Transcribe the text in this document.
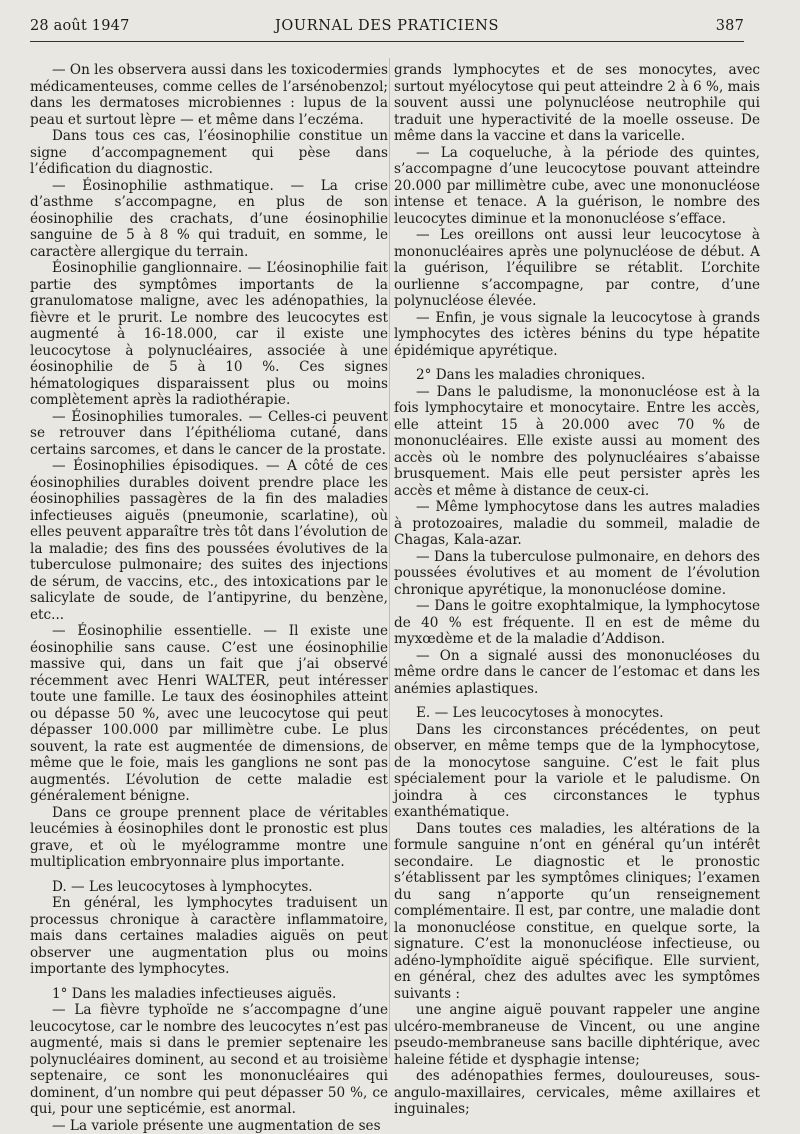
28 août 1947	JOURNAL DES PRATICIENS	387

— On les observera aussi dans les toxicodermies médicamenteuses, comme celles de l’arsénobenzol; dans les dermatoses microbiennes : lupus de la peau et surtout lèpre — et même dans l’eczéma.

Dans tous ces cas, l’éosinophilie constitue un signe d’accompagnement qui pèse dans l’édification du diagnostic.

— Éosinophilie asthmatique. — La crise d’asthme s’accompagne, en plus de son éosinophilie des crachats, d’une éosinophilie sanguine de 5 à 8 % qui traduit, en somme, le caractère allergique du terrain.

Éosinophilie ganglionnaire. — L’éosinophilie fait partie des symptômes importants de la granulomatose maligne, avec les adénopathies, la fièvre et le prurit. Le nombre des leucocytes est augmenté à 16-18.000, car il existe une leucocytose à polynucléaires, associée à une éosinophilie de 5 à 10 %. Ces signes hématologiques disparaissent plus ou moins complètement après la radiothérapie.

— Éosinophilies tumorales. — Celles-ci peuvent se retrouver dans l’épithélioma cutané, dans certains sarcomes, et dans le cancer de la prostate.

— Éosinophilies épisodiques. — A côté de ces éosinophilies durables doivent prendre place les éosinophilies passagères de la fin des maladies infectieuses aiguës (pneumonie, scarlatine), où elles peuvent apparaître très tôt dans l’évolution de la maladie; des fins des poussées évolutives de la tuberculose pulmonaire; des suites des injections de sérum, de vaccins, etc., des intoxications par le salicylate de soude, de l’antipyrine, du benzène, etc...

— Éosinophilie essentielle. — Il existe une éosinophilie sans cause. C’est une éosinophilie massive qui, dans un fait que j’ai observé récemment avec Henri WALTER, peut intéresser toute une famille. Le taux des éosinophiles atteint ou dépasse 50 %, avec une leucocytose qui peut dépasser 100.000 par millimètre cube. Le plus souvent, la rate est augmentée de dimensions, de même que le foie, mais les ganglions ne sont pas augmentés. L’évolution de cette maladie est généralement bénigne.

Dans ce groupe prennent place de véritables leucémies à éosinophiles dont le pronostic est plus grave, et où le myélogramme montre une multiplication embryonnaire plus importante.

D. — Les leucocytoses à lymphocytes.

En général, les lymphocytes traduisent un processus chronique à caractère inflammatoire, mais dans certaines maladies aiguës on peut observer une augmentation plus ou moins importante des lymphocytes.

1° Dans les maladies infectieuses aiguës.

— La fièvre typhoïde ne s’accompagne d’une leucocytose, car le nombre des leucocytes n’est pas augmenté, mais si dans le premier septenaire les polynucléaires dominent, au second et au troisième septenaire, ce sont les mononucléaires qui dominent, d’un nombre qui peut dépasser 50 %, ce qui, pour une septicémie, est anormal.

— La variole présente une augmentation de ses

grands lymphocytes et de ses monocytes, avec surtout myélocytose qui peut atteindre 2 à 6 %, mais souvent aussi une polynucléose neutrophile qui traduit une hyperactivité de la moelle osseuse. De même dans la vaccine et dans la varicelle.

— La coqueluche, à la période des quintes, s’accompagne d’une leucocytose pouvant atteindre 20.000 par millimètre cube, avec une mononucléose intense et tenace. A la guérison, le nombre des leucocytes diminue et la mononucléose s’efface.

— Les oreillons ont aussi leur leucocytose à mononucléaires après une polynucléose de début. A la guérison, l’équilibre se rétablit. L’orchite ourlienne s’accompagne, par contre, d’une polynucléose élevée.

— Enfin, je vous signale la leucocytose à grands lymphocytes des ictères bénins du type hépatite épidémique apyrétique.

2° Dans les maladies chroniques.

— Dans le paludisme, la mononucléose est à la fois lymphocytaire et monocytaire. Entre les accès, elle atteint 15 à 20.000 avec 70 % de mononucléaires. Elle existe aussi au moment des accès où le nombre des polynucléaires s’abaisse brusquement. Mais elle peut persister après les accès et même à distance de ceux-ci.

— Même lymphocytose dans les autres maladies à protozoaires, maladie du sommeil, maladie de Chagas, Kala-azar.

— Dans la tuberculose pulmonaire, en dehors des poussées évolutives et au moment de l’évolution chronique apyrétique, la mononucléose domine.

— Dans le goitre exophtalmique, la lymphocytose de 40 % est fréquente. Il en est de même du myxœdème et de la maladie d’Addison.

— On a signalé aussi des mononucléoses du même ordre dans le cancer de l’estomac et dans les anémies aplastiques.

E. — Les leucocytoses à monocytes.

Dans les circonstances précédentes, on peut observer, en même temps que de la lymphocytose, de la monocytose sanguine. C’est le fait plus spécialement pour la variole et le paludisme. On joindra à ces circonstances le typhus exanthématique.

Dans toutes ces maladies, les altérations de la formule sanguine n’ont en général qu’un intérêt secondaire. Le diagnostic et le pronostic s’établissent par les symptômes cliniques; l’examen du sang n’apporte qu’un renseignement complémentaire. Il est, par contre, une maladie dont la mononucléose constitue, en quelque sorte, la signature. C’est la mononucléose infectieuse, ou adéno-lymphoïdite aiguë spécifique. Elle survient, en général, chez des adultes avec les symptômes suivants :

une angine aiguë pouvant rappeler une angine ulcéro-membraneuse de Vincent, ou une angine pseudo-membraneuse sans bacille diphtérique, avec haleine fétide et dysphagie intense;

des adénopathies fermes, douloureuses, sous-angulo-maxillaires, cervicales, même axillaires et inguinales;
